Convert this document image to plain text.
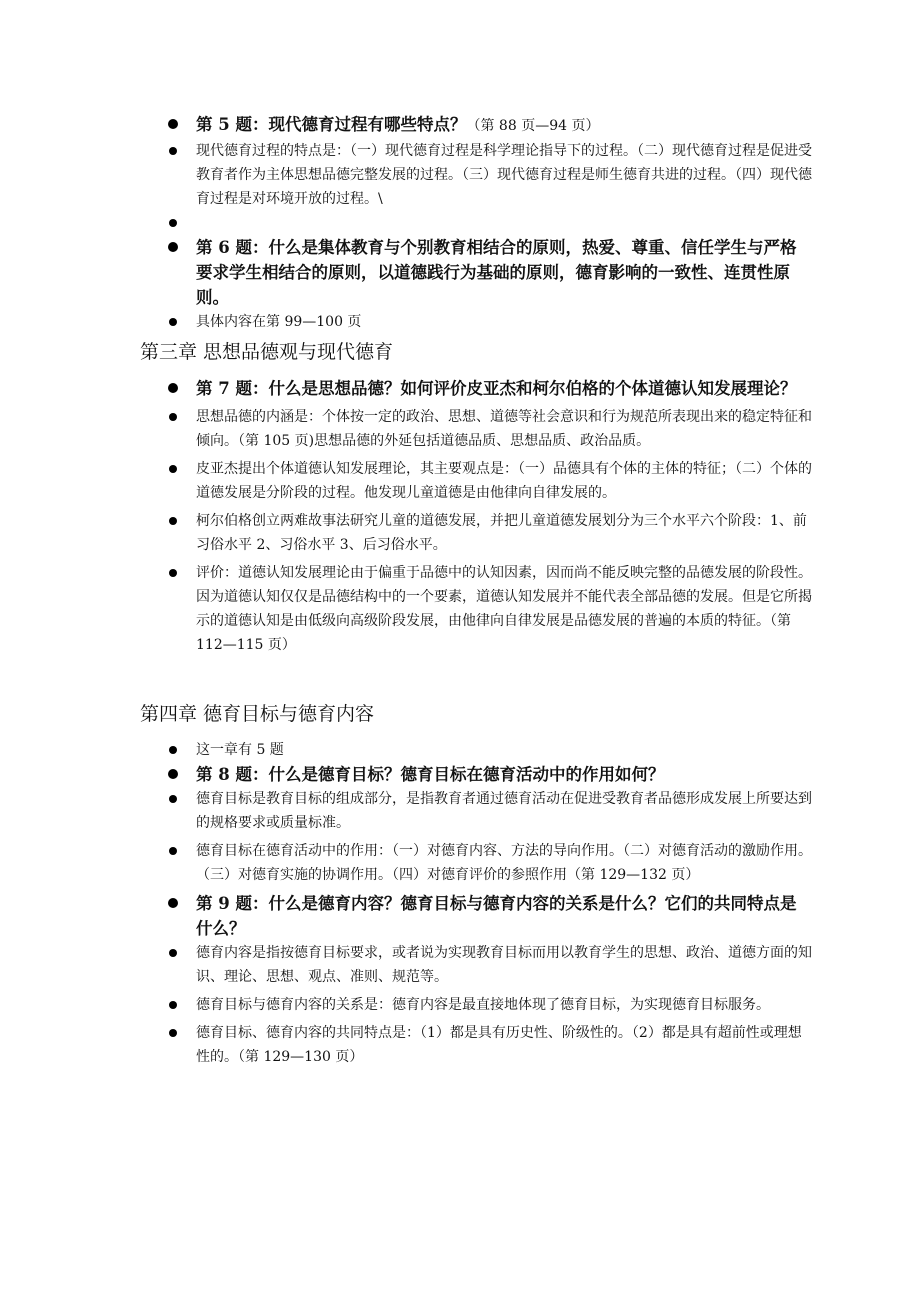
第 5 题：现代德育过程有哪些特点？（第 88 页—94 页）
现代德育过程的特点是：（一）现代德育过程是科学理论指导下的过程。（二）现代德育过程是促进受教育者作为主体思想品德完整发展的过程。（三）现代德育过程是师生德育共进的过程。（四）现代德育过程是对环境开放的过程。\
第 6 题：什么是集体教育与个别教育相结合的原则，热爱、尊重、信任学生与严格要求学生相结合的原则，以道德践行为基础的原则，德育影响的一致性、连贯性原则。
具体内容在第 99—100 页
第三章 思想品德观与现代德育
第 7 题：什么是思想品德？如何评价皮亚杰和柯尔伯格的个体道德认知发展理论？
思想品德的内涵是：个体按一定的政治、思想、道德等社会意识和行为规范所表现出来的稳定特征和倾向。（第 105 页)思想品德的外延包括道德品质、思想品质、政治品质。
皮亚杰提出个体道德认知发展理论，其主要观点是：（一）品德具有个体的主体的特征；（二）个体的道德发展是分阶段的过程。他发现儿童道德是由他律向自律发展的。
柯尔伯格创立两难故事法研究儿童的道德发展，并把儿童道德发展划分为三个水平六个阶段：1、前习俗水平 2、习俗水平 3、后习俗水平。
评价：道德认知发展理论由于偏重于品德中的认知因素，因而尚不能反映完整的品德发展的阶段性。因为道德认知仅仅是品德结构中的一个要素，道德认知发展并不能代表全部品德的发展。但是它所揭示的道德认知是由低级向高级阶段发展，由他律向自律发展是品德发展的普遍的本质的特征。（第 112—115 页）
第四章 德育目标与德育内容
这一章有 5 题
第 8 题：什么是德育目标？德育目标在德育活动中的作用如何？
德育目标是教育目标的组成部分，是指教育者通过德育活动在促进受教育者品德形成发展上所要达到的规格要求或质量标准。
德育目标在德育活动中的作用：（一）对德育内容、方法的导向作用。（二）对德育活动的激励作用。（三）对德育实施的协调作用。（四）对德育评价的参照作用（第 129—132 页）
第 9 题：什么是德育内容？德育目标与德育内容的关系是什么？它们的共同特点是什么？
德育内容是指按德育目标要求，或者说为实现教育目标而用以教育学生的思想、政治、道德方面的知识、理论、思想、观点、准则、规范等。
德育目标与德育内容的关系是：德育内容是最直接地体现了德育目标，为实现德育目标服务。
德育目标、德育内容的共同特点是：（1）都是具有历史性、阶级性的。（2）都是具有超前性或理想性的。（第 129—130 页）
